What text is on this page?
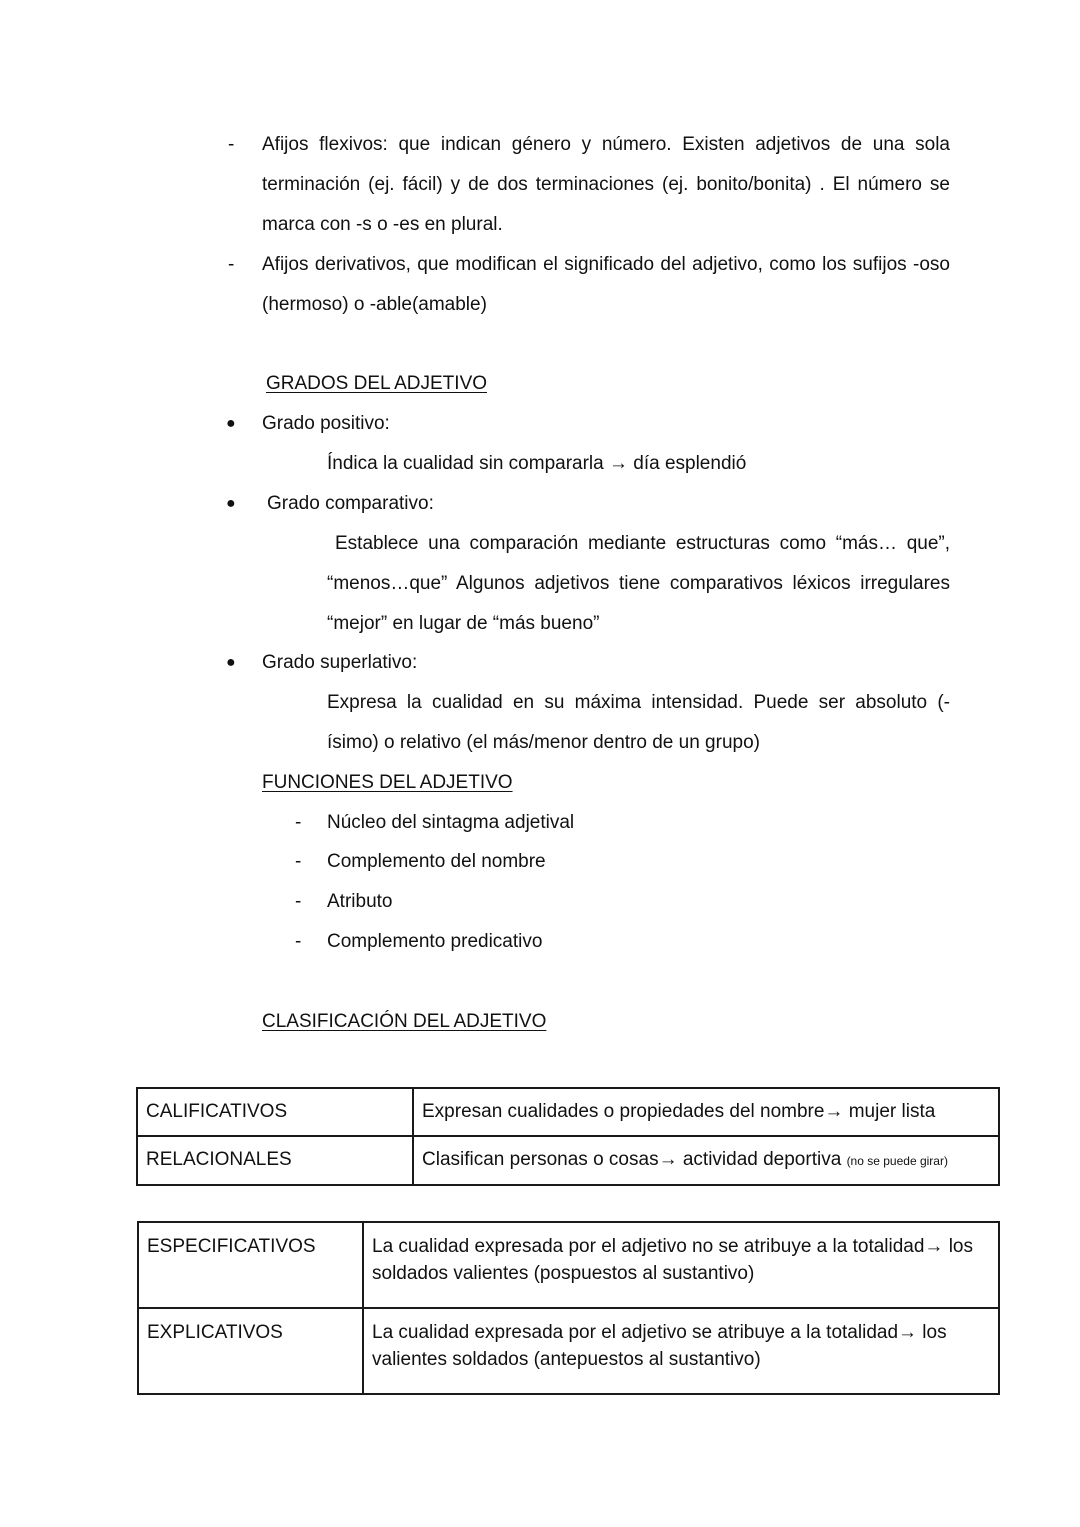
-	Afijos flexivos: que indican género y número. Existen adjetivos de una sola terminación (ej. fácil) y de dos terminaciones (ej. bonito/bonita) . El número se marca con -s o -es en plural.
-	Afijos derivativos, que modifican el significado del adjetivo, como los sufijos -oso (hermoso) o -able(amable)
GRADOS DEL ADJETIVO
● Grado positivo:
Índica la cualidad sin compararla → día esplendió
● Grado comparativo:
Establece una comparación mediante estructuras como “más… que”, “menos…que” Algunos adjetivos tiene comparativos léxicos irregulares “mejor” en lugar de “más bueno”
● Grado superlativo:
Expresa la cualidad en su máxima intensidad. Puede ser absoluto (-ísimo) o relativo (el más/menor dentro de un grupo)
FUNCIONES DEL ADJETIVO
- Núcleo del sintagma adjetival
- Complemento del nombre
- Atributo
- Complemento predicativo
CLASIFICACIÓN DEL ADJETIVO
CALIFICATIVOS	Expresan cualidades o propiedades del nombre→ mujer lista
RELACIONALES	Clasifican personas o cosas→ actividad deportiva (no se puede girar)
ESPECIFICATIVOS	La cualidad expresada por el adjetivo no se atribuye a la totalidad→ los soldados valientes (pospuestos al sustantivo)
EXPLICATIVOS	La cualidad expresada por el adjetivo se atribuye a la totalidad→ los valientes soldados (antepuestos al sustantivo)
